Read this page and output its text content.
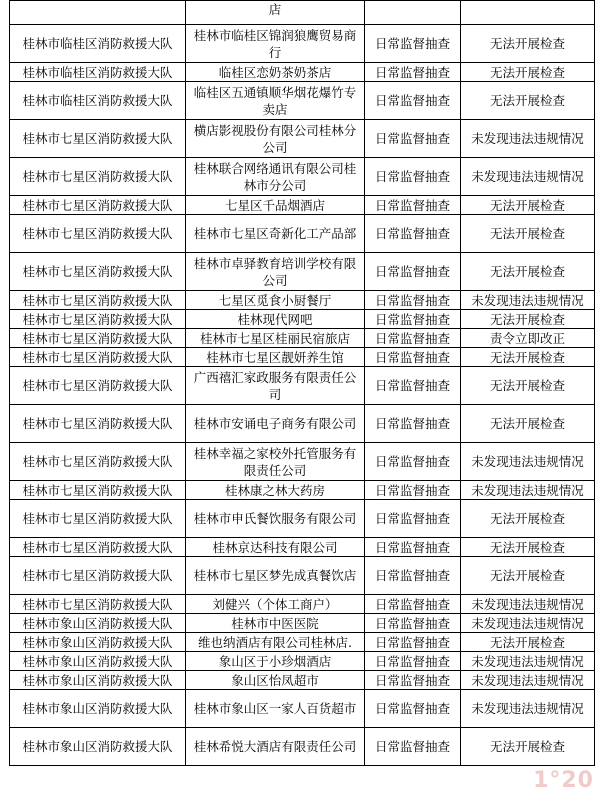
	店		
桂林市临桂区消防救援大队	桂林市临桂区锦润狼鹰贸易商行	日常监督抽查	无法开展检查
桂林市临桂区消防救援大队	临桂区恋奶茶奶茶店	日常监督抽查	无法开展检查
桂林市临桂区消防救援大队	临桂区五通镇顺华烟花爆竹专卖店	日常监督抽查	无法开展检查
桂林市七星区消防救援大队	横店影视股份有限公司桂林分公司	日常监督抽查	未发现违法违规情况
桂林市七星区消防救援大队	桂林联合网络通讯有限公司桂林市分公司	日常监督抽查	未发现违法违规情况
桂林市七星区消防救援大队	七星区千品烟酒店	日常监督抽查	无法开展检查
桂林市七星区消防救援大队	桂林市七星区奇新化工产品部	日常监督抽查	无法开展检查
桂林市七星区消防救援大队	桂林市卓驿教育培训学校有限公司	日常监督抽查	无法开展检查
桂林市七星区消防救援大队	七星区觅食小厨餐厅	日常监督抽查	未发现违法违规情况
桂林市七星区消防救援大队	桂林现代网吧	日常监督抽查	无法开展检查
桂林市七星区消防救援大队	桂林市七星区桂丽民宿旅店	日常监督抽查	责令立即改正
桂林市七星区消防救援大队	桂林市七星区靓妍养生馆	日常监督抽查	无法开展检查
桂林市七星区消防救援大队	广西禧汇家政服务有限责任公司	日常监督抽查	无法开展检查
桂林市七星区消防救援大队	桂林市安诵电子商务有限公司	日常监督抽查	无法开展检查
桂林市七星区消防救援大队	桂林幸福之家校外托管服务有限责任公司	日常监督抽查	未发现违法违规情况
桂林市七星区消防救援大队	桂林康之林大药房	日常监督抽查	未发现违法违规情况
桂林市七星区消防救援大队	桂林市申氏餐饮服务有限公司	日常监督抽查	无法开展检查
桂林市七星区消防救援大队	桂林京达科技有限公司	日常监督抽查	无法开展检查
桂林市七星区消防救援大队	桂林市七星区梦先成真餐饮店	日常监督抽查	无法开展检查
桂林市七星区消防救援大队	刘健兴（个体工商户）	日常监督抽查	未发现违法违规情况
桂林市象山区消防救援大队	桂林市中医医院	日常监督抽查	未发现违法违规情况
桂林市象山区消防救援大队	维也纳酒店有限公司桂林店.	日常监督抽查	无法开展检查
桂林市象山区消防救援大队	象山区于小珍烟酒店	日常监督抽查	未发现违法违规情况
桂林市象山区消防救援大队	象山区怡凤超市	日常监督抽查	未发现违法违规情况
桂林市象山区消防救援大队	桂林市象山区一家人百货超市	日常监督抽查	未发现违法违规情况
桂林市象山区消防救援大队	桂林希悦大酒店有限责任公司	日常监督抽查	无法开展检查
1°20
